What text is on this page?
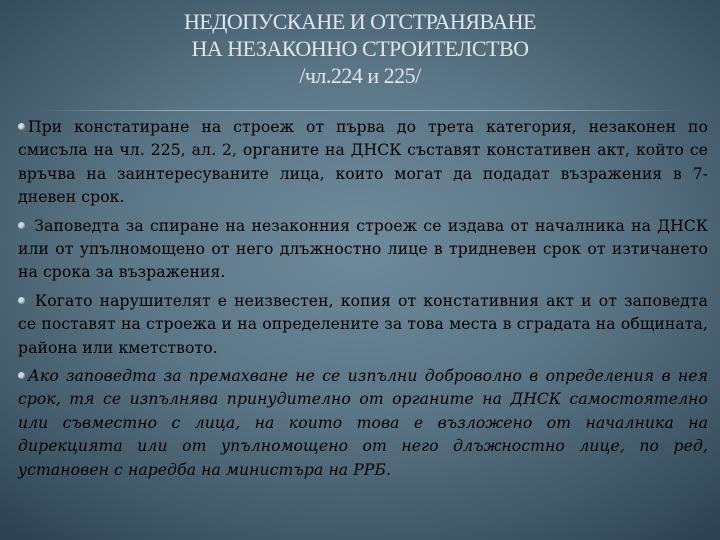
НЕДОПУСКАНЕ И ОТСТРАНЯВАНЕ
НА НЕЗАКОННО СТРОИТЕЛСТВО
/чл.224 и 225/

При констатиране на строеж от първа до трета категория, незаконен по смисъла на чл. 225, ал. 2, органите на ДНСК съставят констативен акт, който се връчва на заинтересуваните лица, които могат да подадат възражения в 7-дневен срок.

Заповедта за спиране на незаконния строеж се издава от началника на ДНСК или от упълномощено от него длъжностно лице в тридневен срок от изтичането на срока за възражения.

Когато нарушителят е неизвестен, копия от констативния акт и от заповедта се поставят на строежа и на определените за това места в сградата на общината, района или кметството.

Ако заповедта за премахване не се изпълни доброволно в определения в нея срок, тя се изпълнява принудително от органите на ДНСК самостоятелно или съвместно с лица, на които това е възложено от началника на дирекцията или от упълномощено от него длъжностно лице, по ред, установен с наредба на министъра на РРБ.
